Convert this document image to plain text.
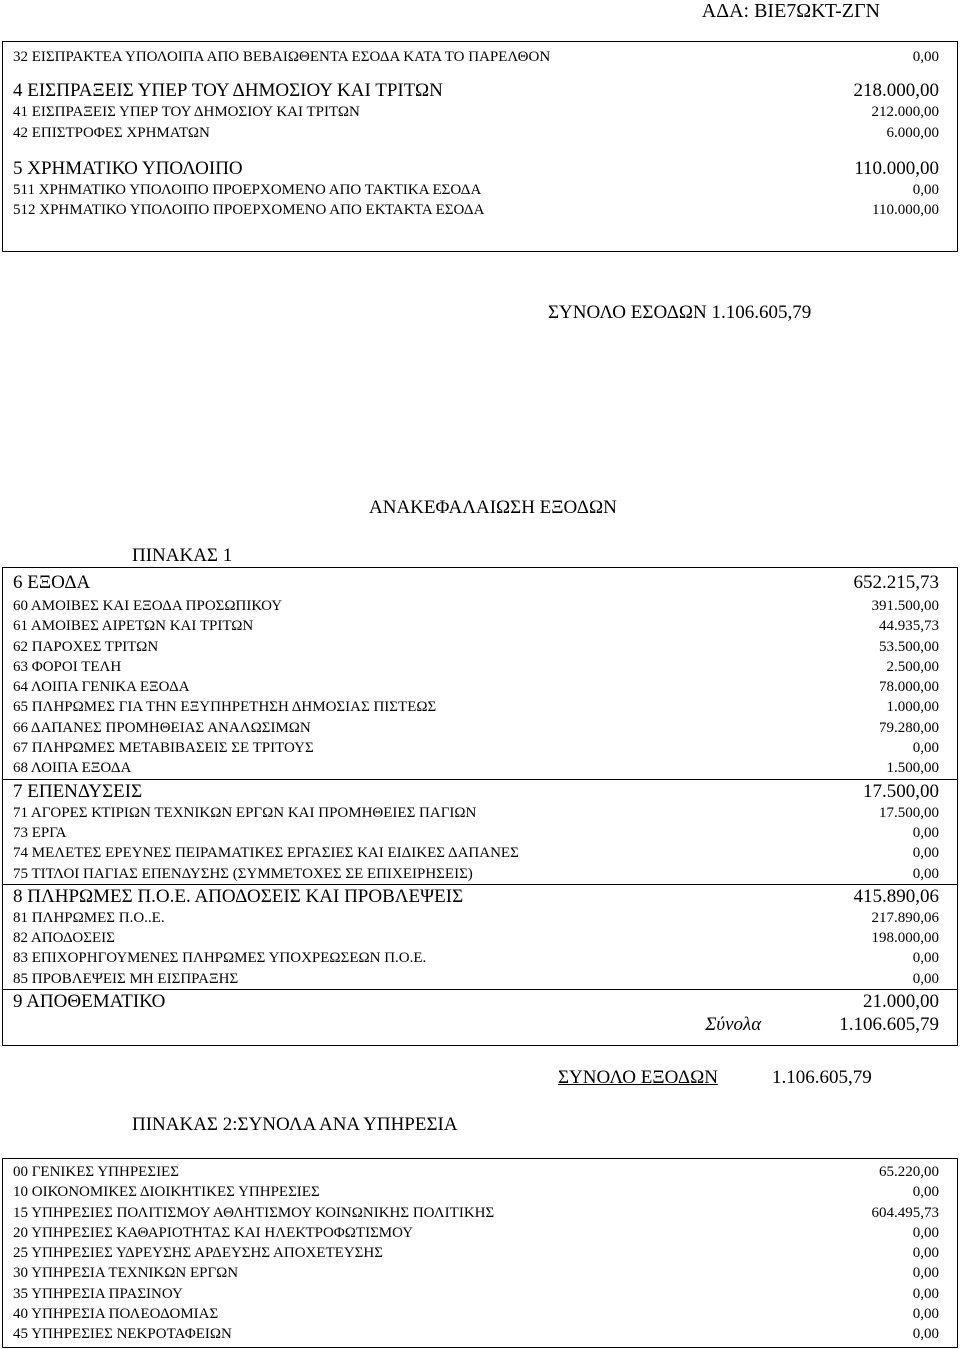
ΑΔΑ: ΒΙΕ7ΩΚΤ-ΖΓΝ
32 ΕΙΣΠΡΑΚΤΕΑ ΥΠΟΛΟΙΠΑ ΑΠΟ ΒΕΒΑΙΩΘΕΝΤΑ ΕΣΟΔΑ ΚΑΤΑ ΤΟ ΠΑΡΕΛΘΟΝ	0,00
4 ΕΙΣΠΡΑΞΕΙΣ ΥΠΕΡ ΤΟΥ ΔΗΜΟΣΙΟΥ ΚΑΙ ΤΡΙΤΩΝ	218.000,00
41 ΕΙΣΠΡΑΞΕΙΣ ΥΠΕΡ ΤΟΥ ΔΗΜΟΣΙΟΥ ΚΑΙ ΤΡΙΤΩΝ	212.000,00
42 ΕΠΙΣΤΡΟΦΕΣ ΧΡΗΜΑΤΩΝ	6.000,00
5 ΧΡΗΜΑΤΙΚΟ ΥΠΟΛΟΙΠΟ	110.000,00
511 ΧΡΗΜΑΤΙΚΟ ΥΠΟΛΟΙΠΟ ΠΡΟΕΡΧΟΜΕΝΟ ΑΠΟ ΤΑΚΤΙΚΑ ΕΣΟΔΑ	0,00
512 ΧΡΗΜΑΤΙΚΟ ΥΠΟΛΟΙΠΟ ΠΡΟΕΡΧΟΜΕΝΟ ΑΠΟ ΕΚΤΑΚΤΑ ΕΣΟΔΑ	110.000,00
ΣΥΝΟΛΟ ΕΣΟΔΩΝ 1.106.605,79
ΑΝΑΚΕΦΑΛΑΙΩΣΗ ΕΞΟΔΩΝ
ΠΙΝΑΚΑΣ 1
6 ΕΞΟΔΑ	652.215,73
60 ΑΜΟΙΒΕΣ ΚΑΙ ΕΞΟΔΑ ΠΡΟΣΩΠΙΚΟΥ	391.500,00
61 ΑΜΟΙΒΕΣ ΑΙΡΕΤΩΝ ΚΑΙ ΤΡΙΤΩΝ	44.935,73
62 ΠΑΡΟΧΕΣ ΤΡΙΤΩΝ	53.500,00
63 ΦΟΡΟΙ ΤΕΛΗ	2.500,00
64 ΛΟΙΠΑ ΓΕΝΙΚΑ ΕΞΟΔΑ	78.000,00
65 ΠΛΗΡΩΜΕΣ ΓΙΑ ΤΗΝ ΕΞΥΠΗΡΕΤΗΣΗ ΔΗΜΟΣΙΑΣ ΠΙΣΤΕΩΣ	1.000,00
66 ΔΑΠΑΝΕΣ ΠΡΟΜΗΘΕΙΑΣ ΑΝΑΛΩΣΙΜΩΝ	79.280,00
67 ΠΛΗΡΩΜΕΣ ΜΕΤΑΒΙΒΑΣΕΙΣ ΣΕ ΤΡΙΤΟΥΣ	0,00
68 ΛΟΙΠΑ ΕΞΟΔΑ	1.500,00
7 ΕΠΕΝΔΥΣΕΙΣ	17.500,00
71 ΑΓΟΡΕΣ ΚΤΙΡΙΩΝ ΤΕΧΝΙΚΩΝ ΕΡΓΩΝ ΚΑΙ ΠΡΟΜΗΘΕΙΕΣ ΠΑΓΙΩΝ	17.500,00
73 ΕΡΓΑ	0,00
74 ΜΕΛΕΤΕΣ ΕΡΕΥΝΕΣ ΠΕΙΡΑΜΑΤΙΚΕΣ ΕΡΓΑΣΙΕΣ ΚΑΙ ΕΙΔΙΚΕΣ ΔΑΠΑΝΕΣ	0,00
75 ΤΙΤΛΟΙ ΠΑΓΙΑΣ ΕΠΕΝΔΥΣΗΣ (ΣΥΜΜΕΤΟΧΕΣ ΣΕ ΕΠΙΧΕΙΡΗΣΕΙΣ)	0,00
8 ΠΛΗΡΩΜΕΣ Π.Ο.Ε. ΑΠΟΔΟΣΕΙΣ ΚΑΙ ΠΡΟΒΛΕΨΕΙΣ	415.890,06
81 ΠΛΗΡΩΜΕΣ Π.Ο..Ε.	217.890,06
82 ΑΠΟΔΟΣΕΙΣ	198.000,00
83 ΕΠΙΧΟΡΗΓΟΥΜΕΝΕΣ ΠΛΗΡΩΜΕΣ ΥΠΟΧΡΕΩΣΕΩΝ Π.Ο.Ε.	0,00
85 ΠΡΟΒΛΕΨΕΙΣ ΜΗ ΕΙΣΠΡΑΞΗΣ	0,00
9 ΑΠΟΘΕΜΑΤΙΚΟ	21.000,00
Σύνολα	1.106.605,79
ΣΥΝΟΛΟ ΕΞΟΔΩΝ	1.106.605,79
ΠΙΝΑΚΑΣ 2:ΣΥΝΟΛΑ ΑΝΑ ΥΠΗΡΕΣΙΑ
00 ΓΕΝΙΚΕΣ ΥΠΗΡΕΣΙΕΣ	65.220,00
10 ΟΙΚΟΝΟΜΙΚΕΣ ΔΙΟΙΚΗΤΙΚΕΣ ΥΠΗΡΕΣΙΕΣ	0,00
15 ΥΠΗΡΕΣΙΕΣ ΠΟΛΙΤΙΣΜΟΥ ΑΘΛΗΤΙΣΜΟΥ ΚΟΙΝΩΝΙΚΗΣ ΠΟΛΙΤΙΚΗΣ	604.495,73
20 ΥΠΗΡΕΣΙΕΣ ΚΑΘΑΡΙΟΤΗΤΑΣ ΚΑΙ ΗΛΕΚΤΡΟΦΩΤΙΣΜΟΥ	0,00
25 ΥΠΗΡΕΣΙΕΣ ΥΔΡΕΥΣΗΣ ΑΡΔΕΥΣΗΣ ΑΠΟΧΕΤΕΥΣΗΣ	0,00
30 ΥΠΗΡΕΣΙΑ ΤΕΧΝΙΚΩΝ ΕΡΓΩΝ	0,00
35 ΥΠΗΡΕΣΙΑ ΠΡΑΣΙΝΟΥ	0,00
40 ΥΠΗΡΕΣΙΑ ΠΟΛΕΟΔΟΜΙΑΣ	0,00
45 ΥΠΗΡΕΣΙΕΣ ΝΕΚΡΟΤΑΦΕΙΩΝ	0,00
